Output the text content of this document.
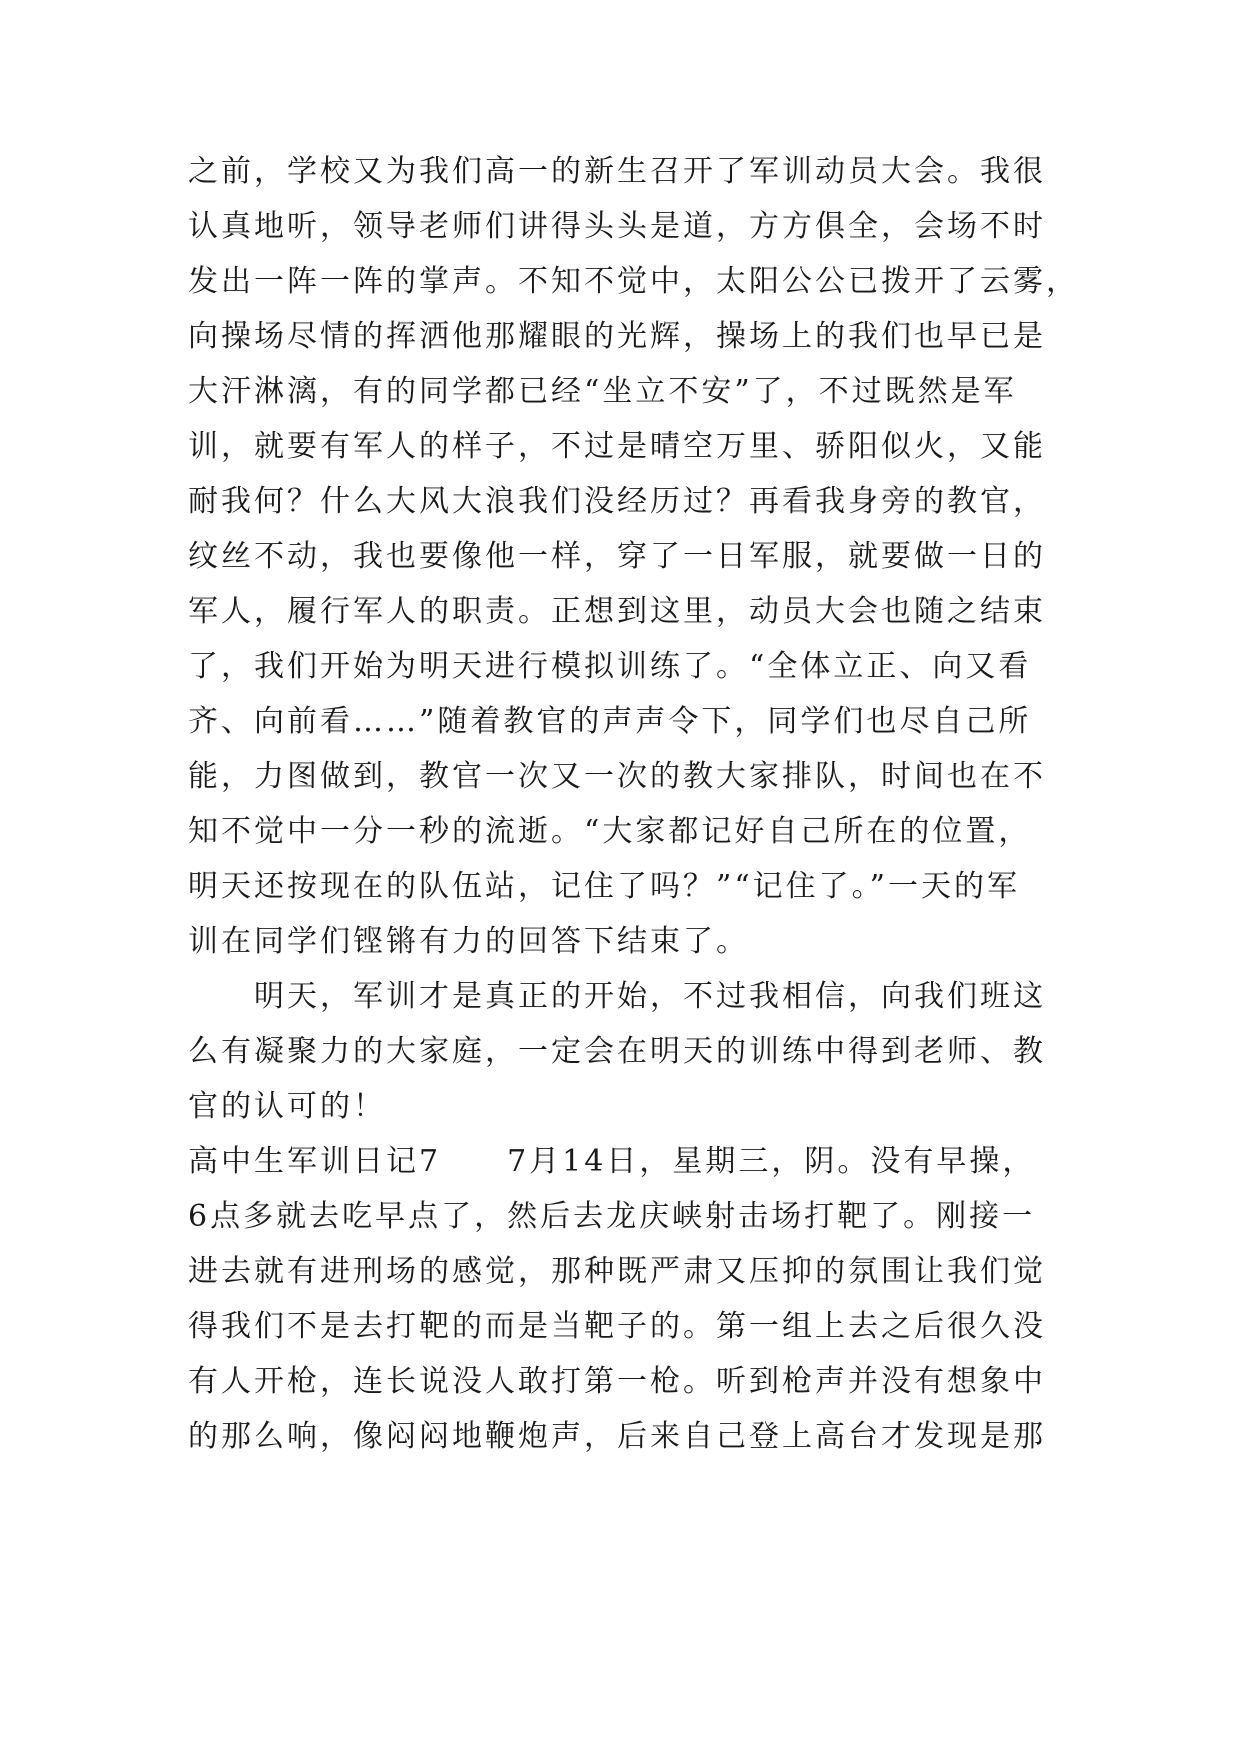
之前，学校又为我们高一的新生召开了军训动员大会。我很
认真地听，领导老师们讲得头头是道，方方俱全，会场不时
发出一阵一阵的掌声。不知不觉中，太阳公公已拨开了云雾，
向操场尽情的挥洒他那耀眼的光辉，操场上的我们也早已是
大汗淋漓，有的同学都已经“坐立不安”了，不过既然是军
训，就要有军人的样子，不过是晴空万里、骄阳似火，又能
耐我何？什么大风大浪我们没经历过？再看我身旁的教官，
纹丝不动，我也要像他一样，穿了一日军服，就要做一日的
军人，履行军人的职责。正想到这里，动员大会也随之结束
了，我们开始为明天进行模拟训练了。“全体立正、向又看
齐、向前看……”随着教官的声声令下，同学们也尽自己所
能，力图做到，教官一次又一次的教大家排队，时间也在不
知不觉中一分一秒的流逝。“大家都记好自己所在的位置，
明天还按现在的队伍站，记住了吗？”“记住了。”一天的军
训在同学们铿锵有力的回答下结束了。
　　明天，军训才是真正的开始，不过我相信，向我们班这
么有凝聚力的大家庭，一定会在明天的训练中得到老师、教
官的认可的！
高中生军训日记7　　7月14日，星期三，阴。没有早操，
6点多就去吃早点了，然后去龙庆峡射击场打靶了。刚接一
进去就有进刑场的感觉，那种既严肃又压抑的氛围让我们觉
得我们不是去打靶的而是当靶子的。第一组上去之后很久没
有人开枪，连长说没人敢打第一枪。听到枪声并没有想象中
的那么响，像闷闷地鞭炮声，后来自己登上高台才发现是那
